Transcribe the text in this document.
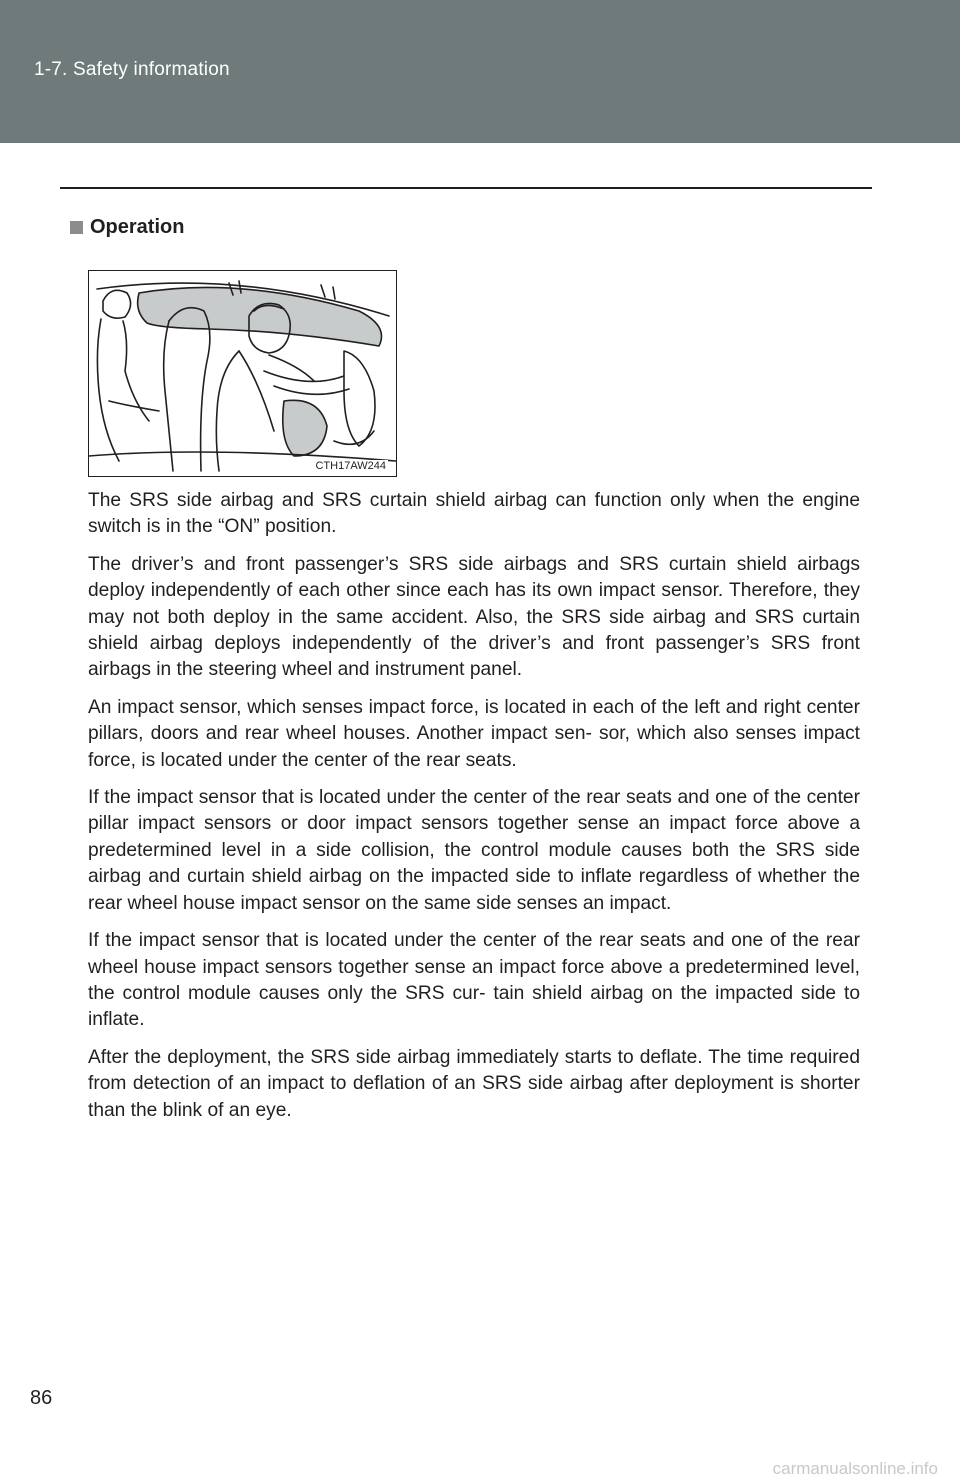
1-7. Safety information
Operation
CTH17AW244

The SRS side airbag and SRS curtain shield airbag can function only when the engine switch is in the “ON” position.

The driver’s and front passenger’s SRS side airbags and SRS curtain shield airbags deploy independently of each other since each has its own impact sensor. Therefore, they may not both deploy in the same accident. Also, the SRS side airbag and SRS curtain shield airbag deploys independently of the driver’s and front passenger’s SRS front airbags in the steering wheel and instrument panel.

An impact sensor, which senses impact force, is located in each of the left and right center pillars, doors and rear wheel houses. Another impact sen- sor, which also senses impact force, is located under the center of the rear seats.

If the impact sensor that is located under the center of the rear seats and one of the center pillar impact sensors or door impact sensors together sense an impact force above a predetermined level in a side collision, the control module causes both the SRS side airbag and curtain shield airbag on the impacted side to inflate regardless of whether the rear wheel house impact sensor on the same side senses an impact.

If the impact sensor that is located under the center of the rear seats and one of the rear wheel house impact sensors together sense an impact force above a predetermined level, the control module causes only the SRS cur- tain shield airbag on the impacted side to inflate.

After the deployment, the SRS side airbag immediately starts to deflate. The time required from detection of an impact to deflation of an SRS side airbag after deployment is shorter than the blink of an eye.

86
carmanualsonline.info
